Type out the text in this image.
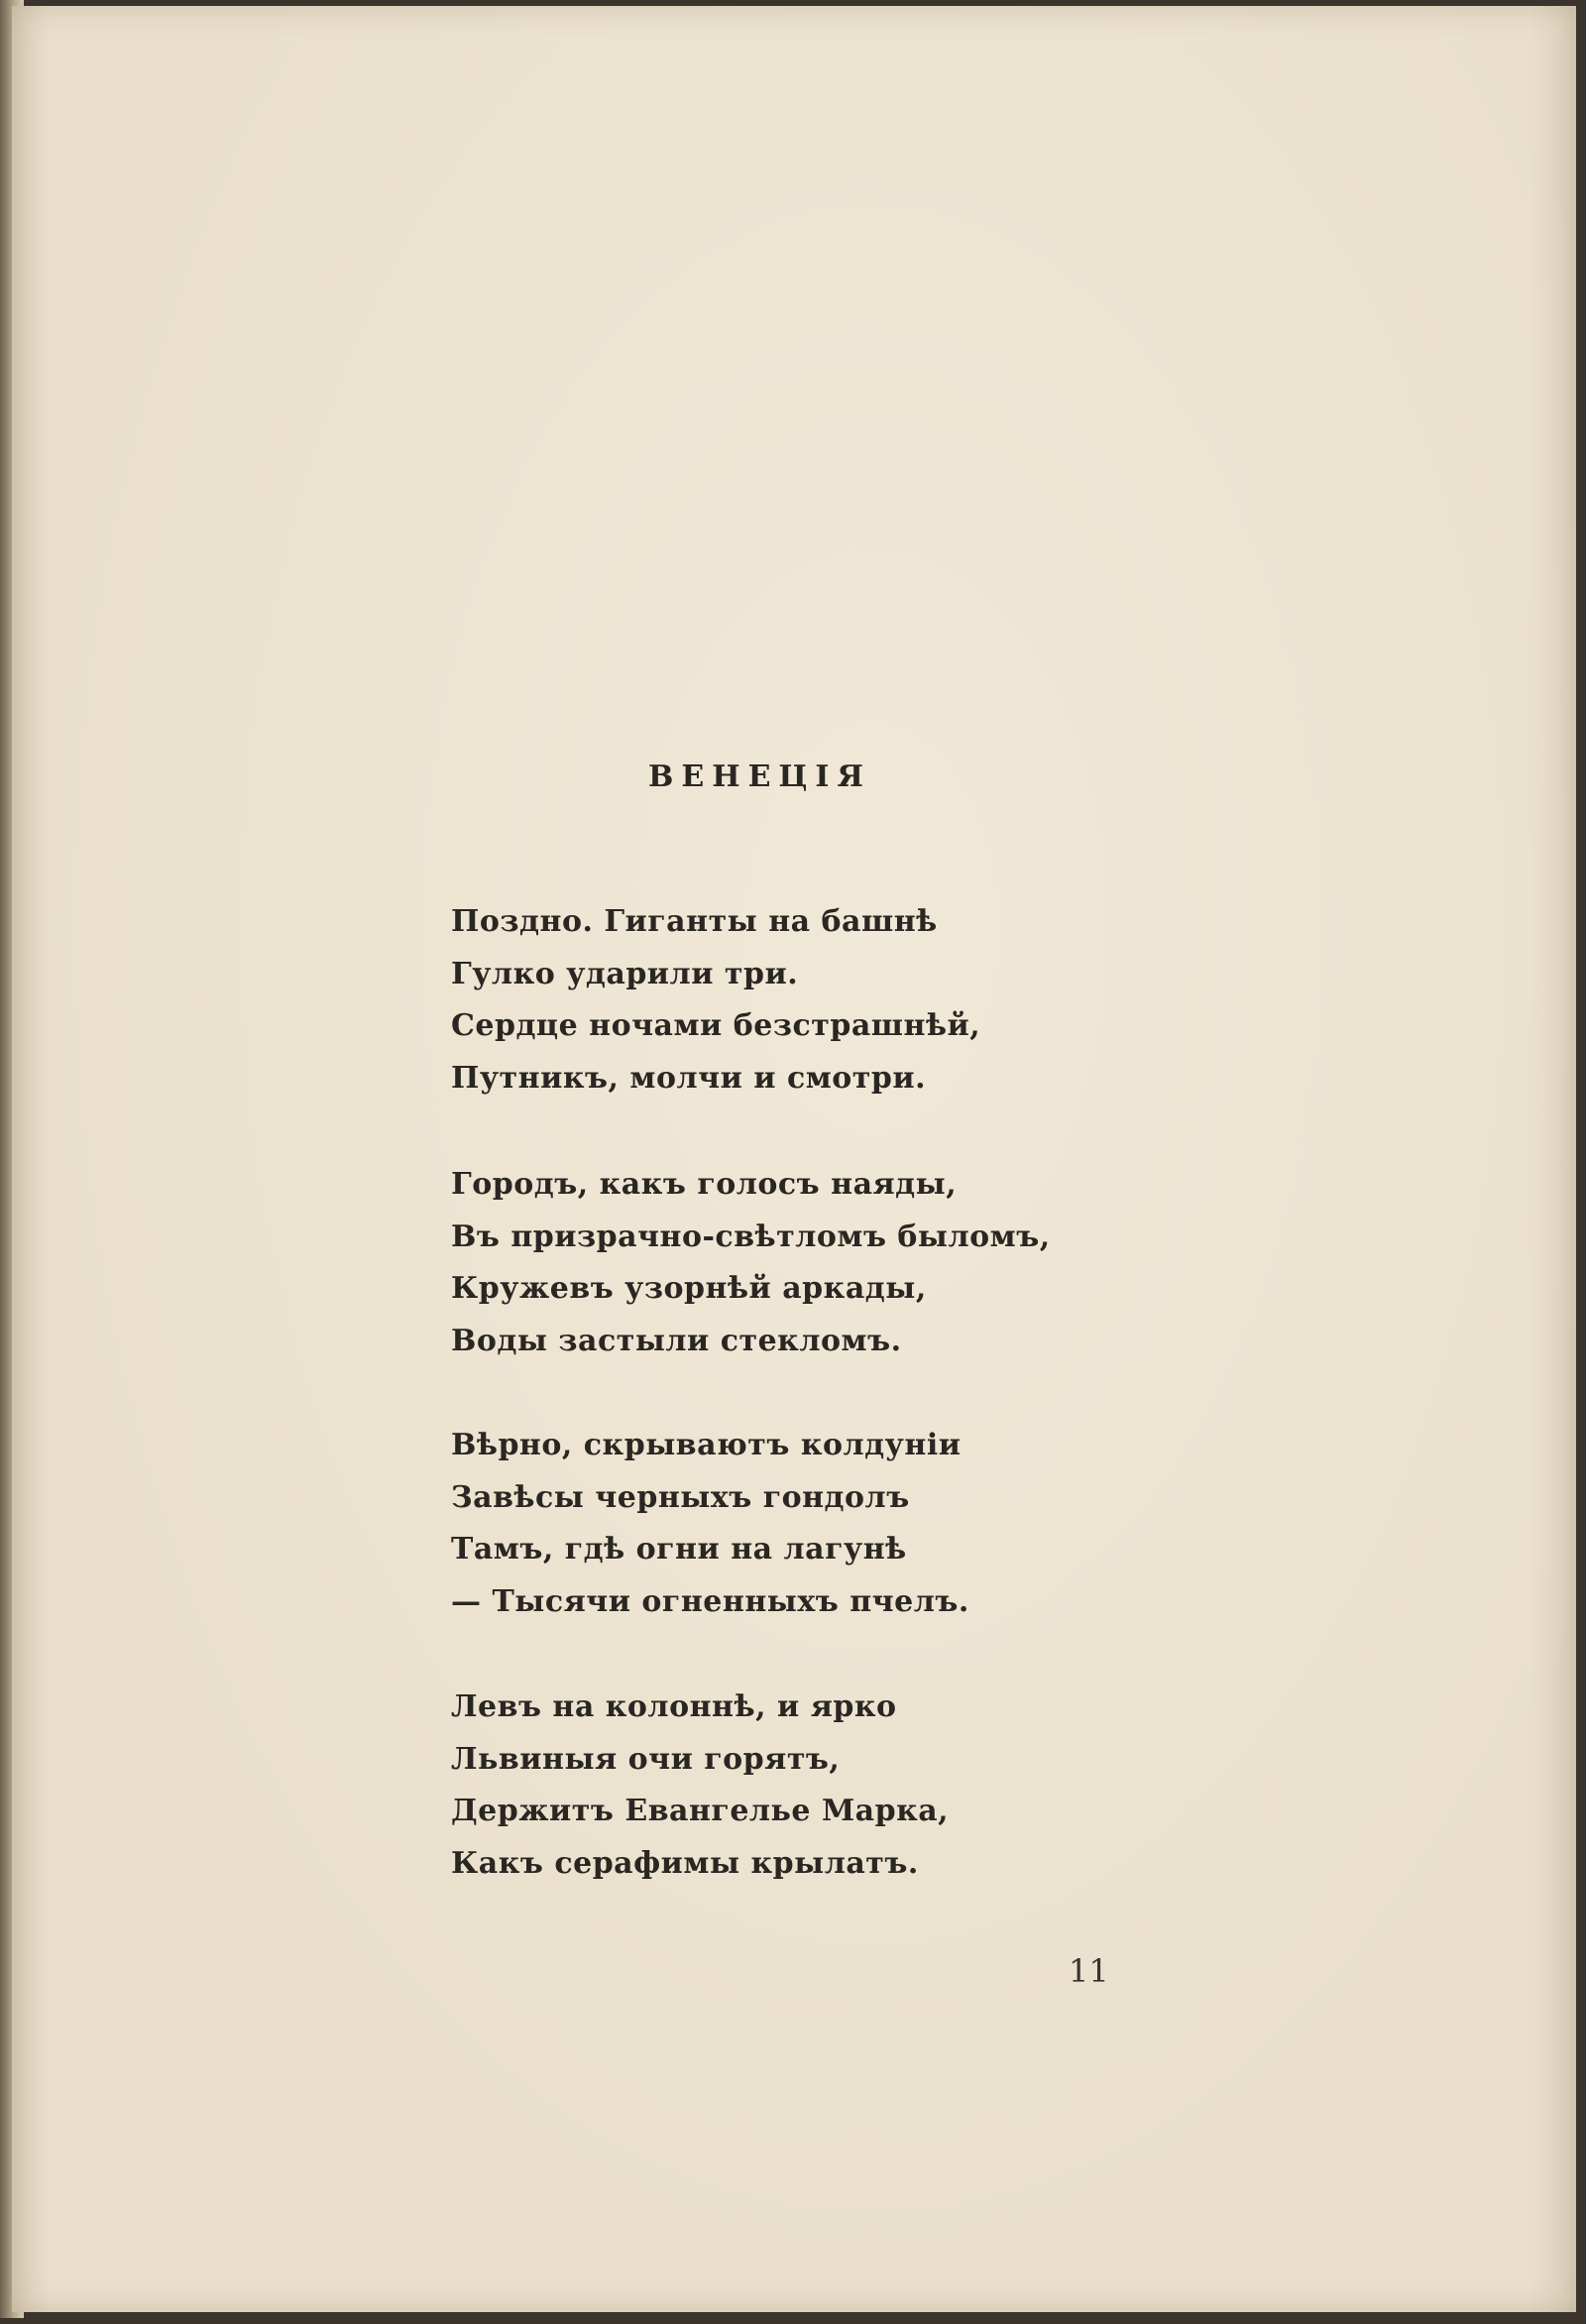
ВЕНЕЦІЯ
Поздно. Гиганты на башнѣ
Гулко ударили три.
Сердце ночами безстрашнѣй,
Путникъ, молчи и смотри.
Городъ, какъ голосъ наяды,
Въ призрачно-свѣтломъ быломъ,
Кружевъ узорнѣй аркады,
Воды застыли стекломъ.
Вѣрно, скрываютъ колдуніи
Завѣсы черныхъ гондолъ
Тамъ, гдѣ огни на лагунѣ
— Тысячи огненныхъ пчелъ.
Левъ на колоннѣ, и ярко
Львиныя очи горятъ,
Держитъ Евангелье Марка,
Какъ серафимы крылатъ.
11
